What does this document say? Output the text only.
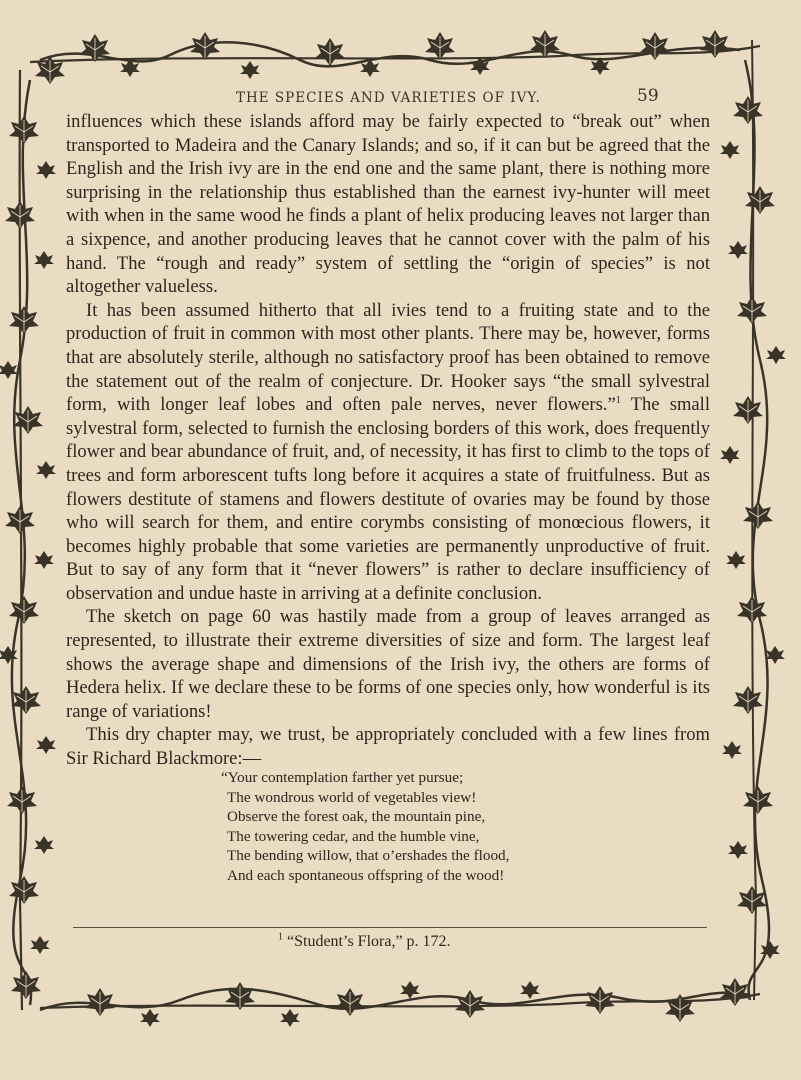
THE SPECIES AND VARIETIES OF IVY.	59

influences which these islands afford may be fairly expected to “break out” when transported to Madeira and the Canary Islands; and so, if it can but be agreed that the English and the Irish ivy are in the end one and the same plant, there is nothing more surprising in the relationship thus established than the earnest ivy-hunter will meet with when in the same wood he finds a plant of helix producing leaves not larger than a sixpence, and another producing leaves that he cannot cover with the palm of his hand. The “rough and ready” system of settling the “origin of species” is not altogether valueless.

It has been assumed hitherto that all ivies tend to a fruiting state and to the production of fruit in common with most other plants. There may be, however, forms that are absolutely sterile, although no satisfactory proof has been obtained to remove the statement out of the realm of conjecture. Dr. Hooker says “the small sylvestral form, with longer leaf lobes and often pale nerves, never flowers.”$^1$ The small sylvestral form, selected to furnish the enclosing borders of this work, does frequently flower and bear abundance of fruit, and, of necessity, it has first to climb to the tops of trees and form arborescent tufts long before it acquires a state of fruitfulness. But as flowers destitute of stamens and flowers destitute of ovaries may be found by those who will search for them, and entire corymbs consisting of monœcious flowers, it becomes highly probable that some varieties are permanently unproductive of fruit. But to say of any form that it “never flowers” is rather to declare insufficiency of observation and undue haste in arriving at a definite conclusion.

The sketch on page 60 was hastily made from a group of leaves arranged as represented, to illustrate their extreme diversities of size and form. The largest leaf shows the average shape and dimensions of the Irish ivy, the others are forms of Hedera helix. If we declare these to be forms of one species only, how wonderful is its range of variations!

This dry chapter may, we trust, be appropriately concluded with a few lines from Sir Richard Blackmore:—

“Your contemplation farther yet pursue;
The wondrous world of vegetables view!
Observe the forest oak, the mountain pine,
The towering cedar, and the humble vine,
The bending willow, that o’ershades the flood,
And each spontaneous offspring of the wood!
$^1$ “Student’s Flora,” p. 172.
